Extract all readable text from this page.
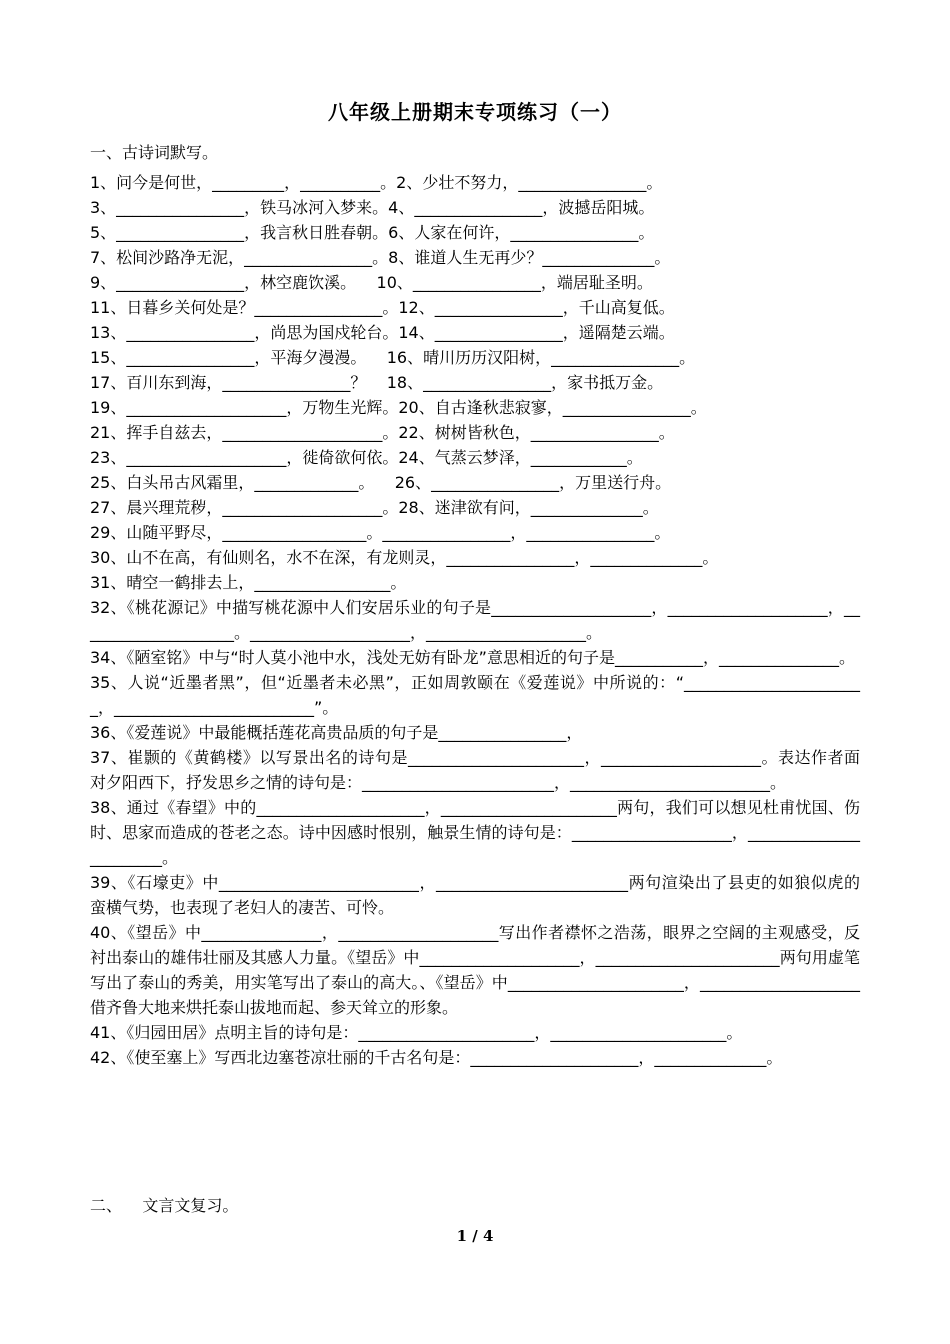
八年级上册期末专项练习（一）
一、古诗词默写。
1、问今是何世，_________，__________。2、少壮不努力，________________。
3、________________，铁马冰河入梦来。4、________________，波撼岳阳城。
5、________________，我言秋日胜春朝。6、人家在何许，________________。
7、松间沙路净无泥，________________。8、谁道人生无再少？______________。
9、________________，林空鹿饮溪。    10、________________，端居耻圣明。
11、日暮乡关何处是？________________。12、________________，千山高复低。
13、________________，尚思为国戍轮台。14、________________，遥隔楚云端。
15、________________，平海夕漫漫。    16、晴川历历汉阳树，________________。
17、百川东到海，________________？    18、________________，家书抵万金。
19、____________________，万物生光辉。20、自古逢秋悲寂寥，________________。
21、挥手自兹去，____________________。22、树树皆秋色，________________。
23、____________________，徙倚欲何依。24、气蒸云梦泽，____________。
25、白头吊古风霜里，_____________。    26、________________，万里送行舟。
27、晨兴理荒秽，____________________。28、迷津欲有问，______________。
29、山随平野尽，__________________。________________，________________。
30、山不在高，有仙则名，水不在深，有龙则灵，________________，______________。
31、晴空一鹤排去上，_________________。
32、《桃花源记》中描写桃花源中人们安居乐业的句子是____________________，____________________，____________________。____________________，____________________。
34、《陋室铭》中与“时人莫小池中水，浅处无妨有卧龙”意思相近的句子是___________，_______________。
35、人说“近墨者黑”，但“近墨者未必黑”，正如周敦颐在《爱莲说》中所说的：“_______________________，_________________________”。
36、《爱莲说》中最能概括莲花高贵品质的句子是________________，
37、崔颢的《黄鹤楼》以写景出名的诗句是______________________，____________________。表达作者面对夕阳西下，抒发思乡之情的诗句是：________________________，_________________________。
38、通过《春望》中的_____________________，______________________两句，我们可以想见杜甫忧国、伤时、思家而造成的苍老之态。诗中因感时恨别，触景生情的诗句是：____________________，_______________________。
39、《石壕吏》中_________________________，________________________两句渲染出了县吏的如狼似虎的蛮横气势，也表现了老妇人的凄苦、可怜。
40、《望岳》中_______________，____________________写出作者襟怀之浩荡，眼界之空阔的主观感受，反衬出泰山的雄伟壮丽及其感人力量。《望岳》中____________________，_______________________两句用虚笔写出了泰山的秀美，用实笔写出了泰山的高大。、《望岳》中______________________，____________________借齐鲁大地来烘托泰山拔地而起、参天耸立的形象。
41、《归园田居》点明主旨的诗句是：______________________，______________________。
42、《使至塞上》写西北边塞苍凉壮丽的千古名句是：_____________________，______________。
二、    文言文复习。
1 / 4
